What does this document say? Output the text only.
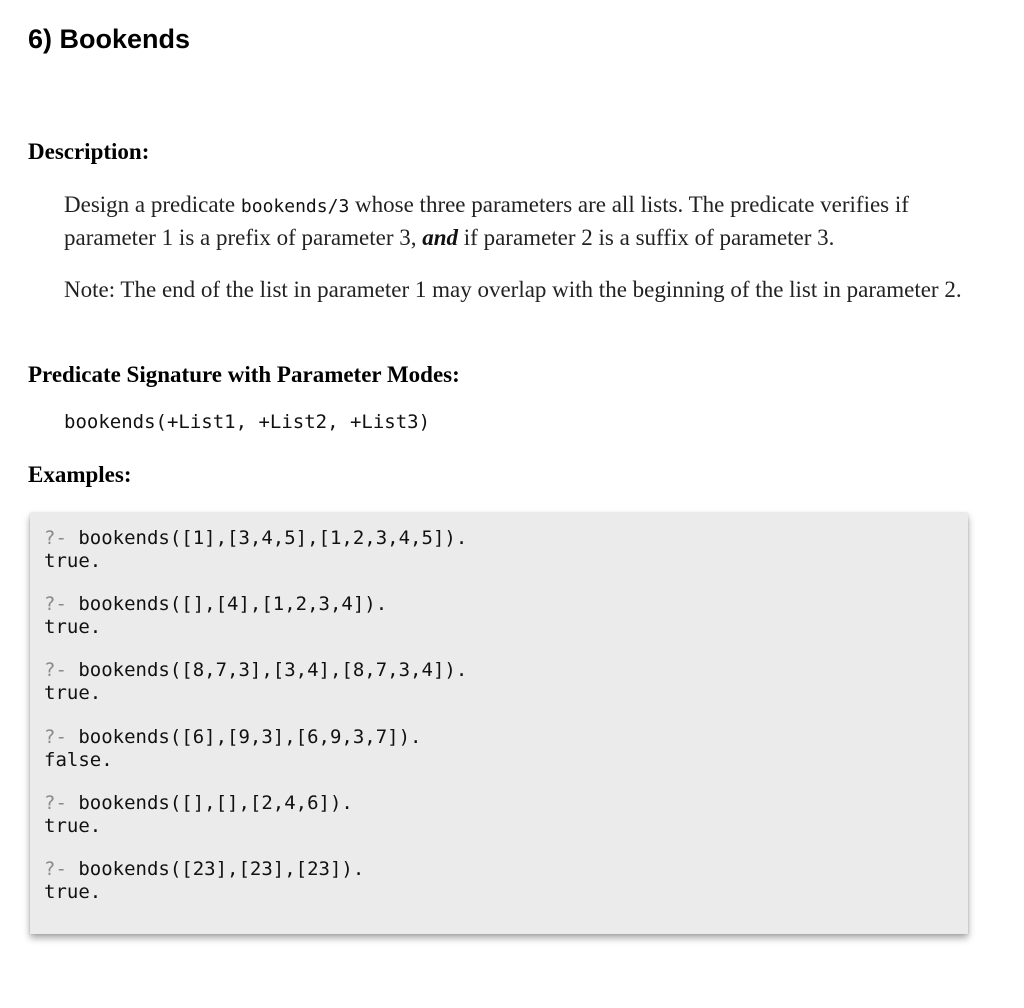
6) Bookends
Description:

Design a predicate bookends/3 whose three parameters are all lists. The predicate verifies if parameter 1 is a prefix of parameter 3, and if parameter 2 is a suffix of parameter 3.

Note: The end of the list in parameter 1 may overlap with the beginning of the list in parameter 2.

Predicate Signature with Parameter Modes:
bookends(+List1, +List2, +List3)
Examples:
?- bookends([1],[3,4,5],[1,2,3,4,5]).
true.
?- bookends([],[4],[1,2,3,4]).
true.
?- bookends([8,7,3],[3,4],[8,7,3,4]).
true.
?- bookends([6],[9,3],[6,9,3,7]).
false.
?- bookends([],[],[2,4,6]).
true.
?- bookends([23],[23],[23]).
true.
